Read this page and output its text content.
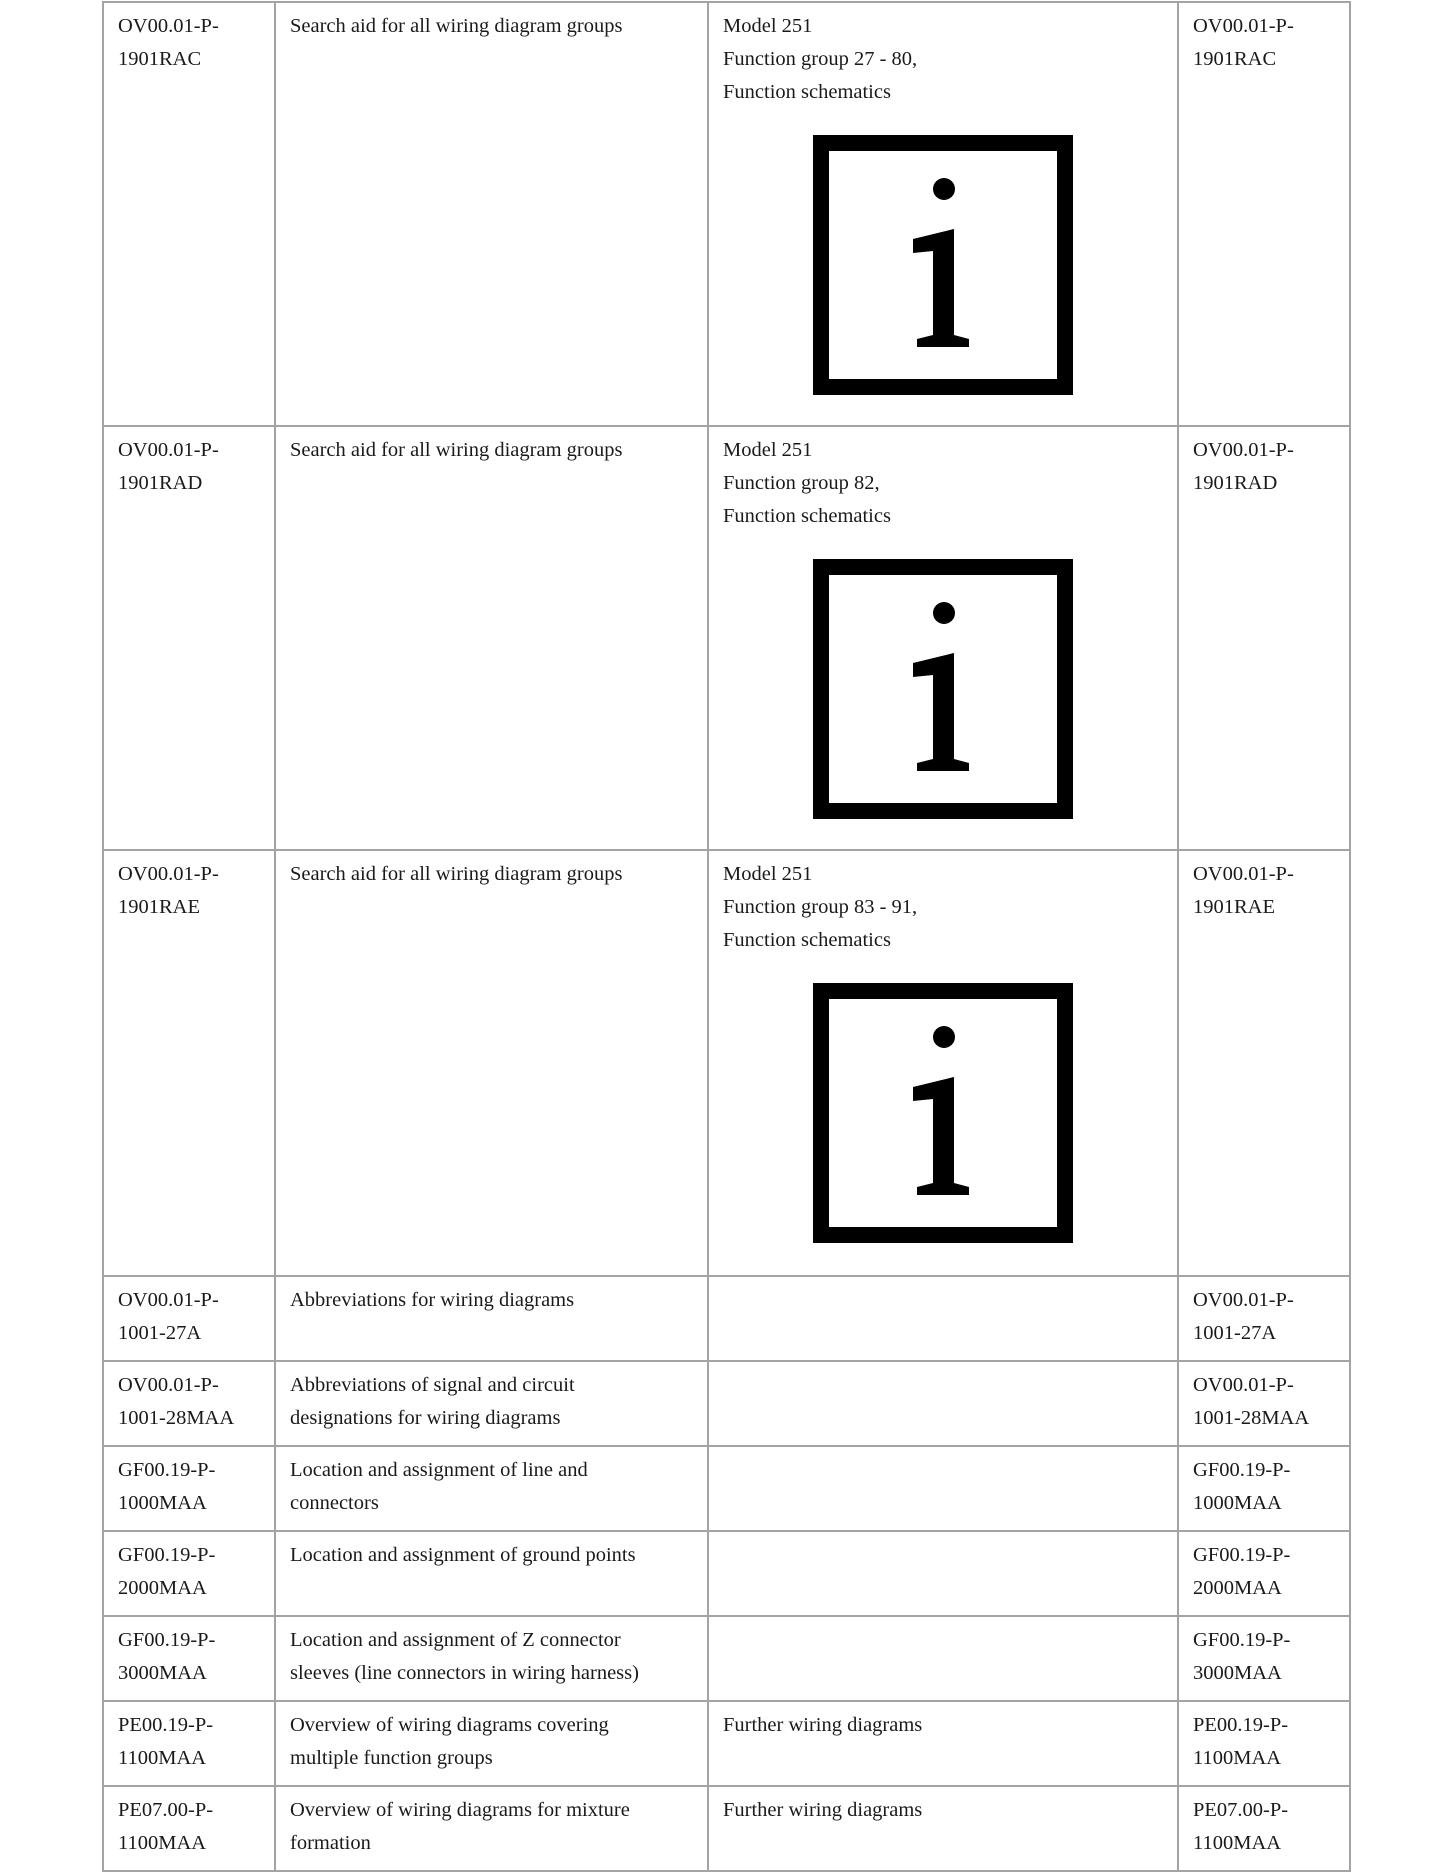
OV00.01-P-
1901RAC	Search aid for all wiring diagram groups	Model 251
Function group 27 - 80,
Function schematics	OV00.01-P-
1901RAC

OV00.01-P-
1901RAD	Search aid for all wiring diagram groups	Model 251
Function group 82,
Function schematics	OV00.01-P-
1901RAD

OV00.01-P-
1901RAE	Search aid for all wiring diagram groups	Model 251
Function group 83 - 91,
Function schematics	OV00.01-P-
1901RAE

OV00.01-P-
1001-27A	Abbreviations for wiring diagrams		OV00.01-P-
1001-27A

OV00.01-P-
1001-28MAA	Abbreviations of signal and circuit
designations for wiring diagrams		OV00.01-P-
1001-28MAA

GF00.19-P-
1000MAA	Location and assignment of line and
connectors		GF00.19-P-
1000MAA

GF00.19-P-
2000MAA	Location and assignment of ground points		GF00.19-P-
2000MAA

GF00.19-P-
3000MAA	Location and assignment of Z connector
sleeves (line connectors in wiring harness)		GF00.19-P-
3000MAA

PE00.19-P-
1100MAA	Overview of wiring diagrams covering
multiple function groups	Further wiring diagrams	PE00.19-P-
1100MAA

PE07.00-P-
1100MAA	Overview of wiring diagrams for mixture
formation	Further wiring diagrams	PE07.00-P-
1100MAA
